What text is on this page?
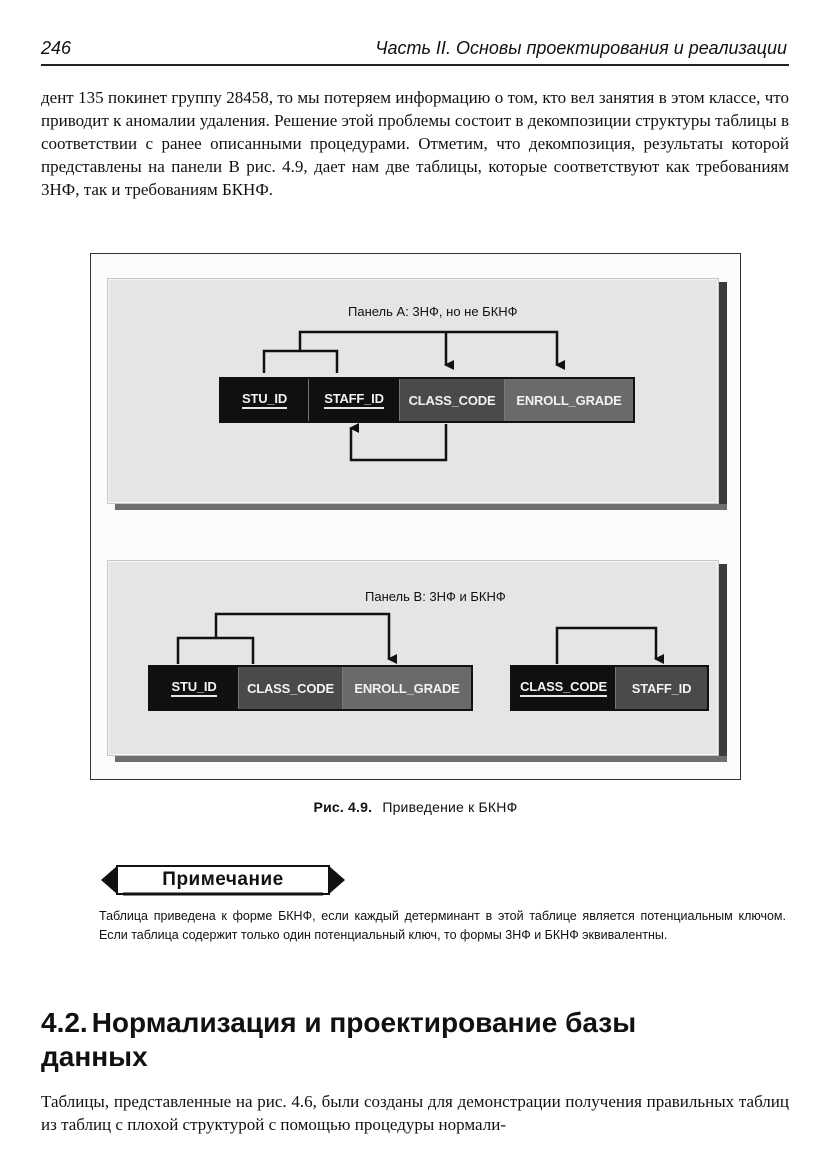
246	Часть II. Основы проектирования и реализации
дент 135 покинет группу 28458, то мы потеряем информацию о том, кто вел занятия в этом классе, что приводит к аномалии удаления. Решение этой проблемы состоит в декомпозиции структуры таблицы в соответствии с ранее описанными процедурами. Отметим, что декомпозиция, результаты которой представлены на панели B рис. 4.9, дает нам две таблицы, которые соответствуют как требованиям 3НФ, так и требованиям БКНФ.
Панель A: 3НФ, но не БКНФ
STU_ID	STAFF_ID CLASS_CODE ENROLL_GRADE
Панель B: 3НФ и БКНФ
STU_ID CLASS_CODE ENROLL_GRADE	CLASS_CODE STAFF_ID
Рис. 4.9. Приведение к БКНФ
Примечание
Таблица приведена к форме БКНФ, если каждый детерминант в этой таблице является потенциальным ключом. Если таблица содержит только один потенциальный ключ, то формы 3НФ и БКНФ эквивалентны.
4.2. Нормализация и проектирование базы данных
Таблицы, представленные на рис. 4.6, были созданы для демонстрации получения правильных таблиц из таблиц с плохой структурой с помощью процедуры нормали-
